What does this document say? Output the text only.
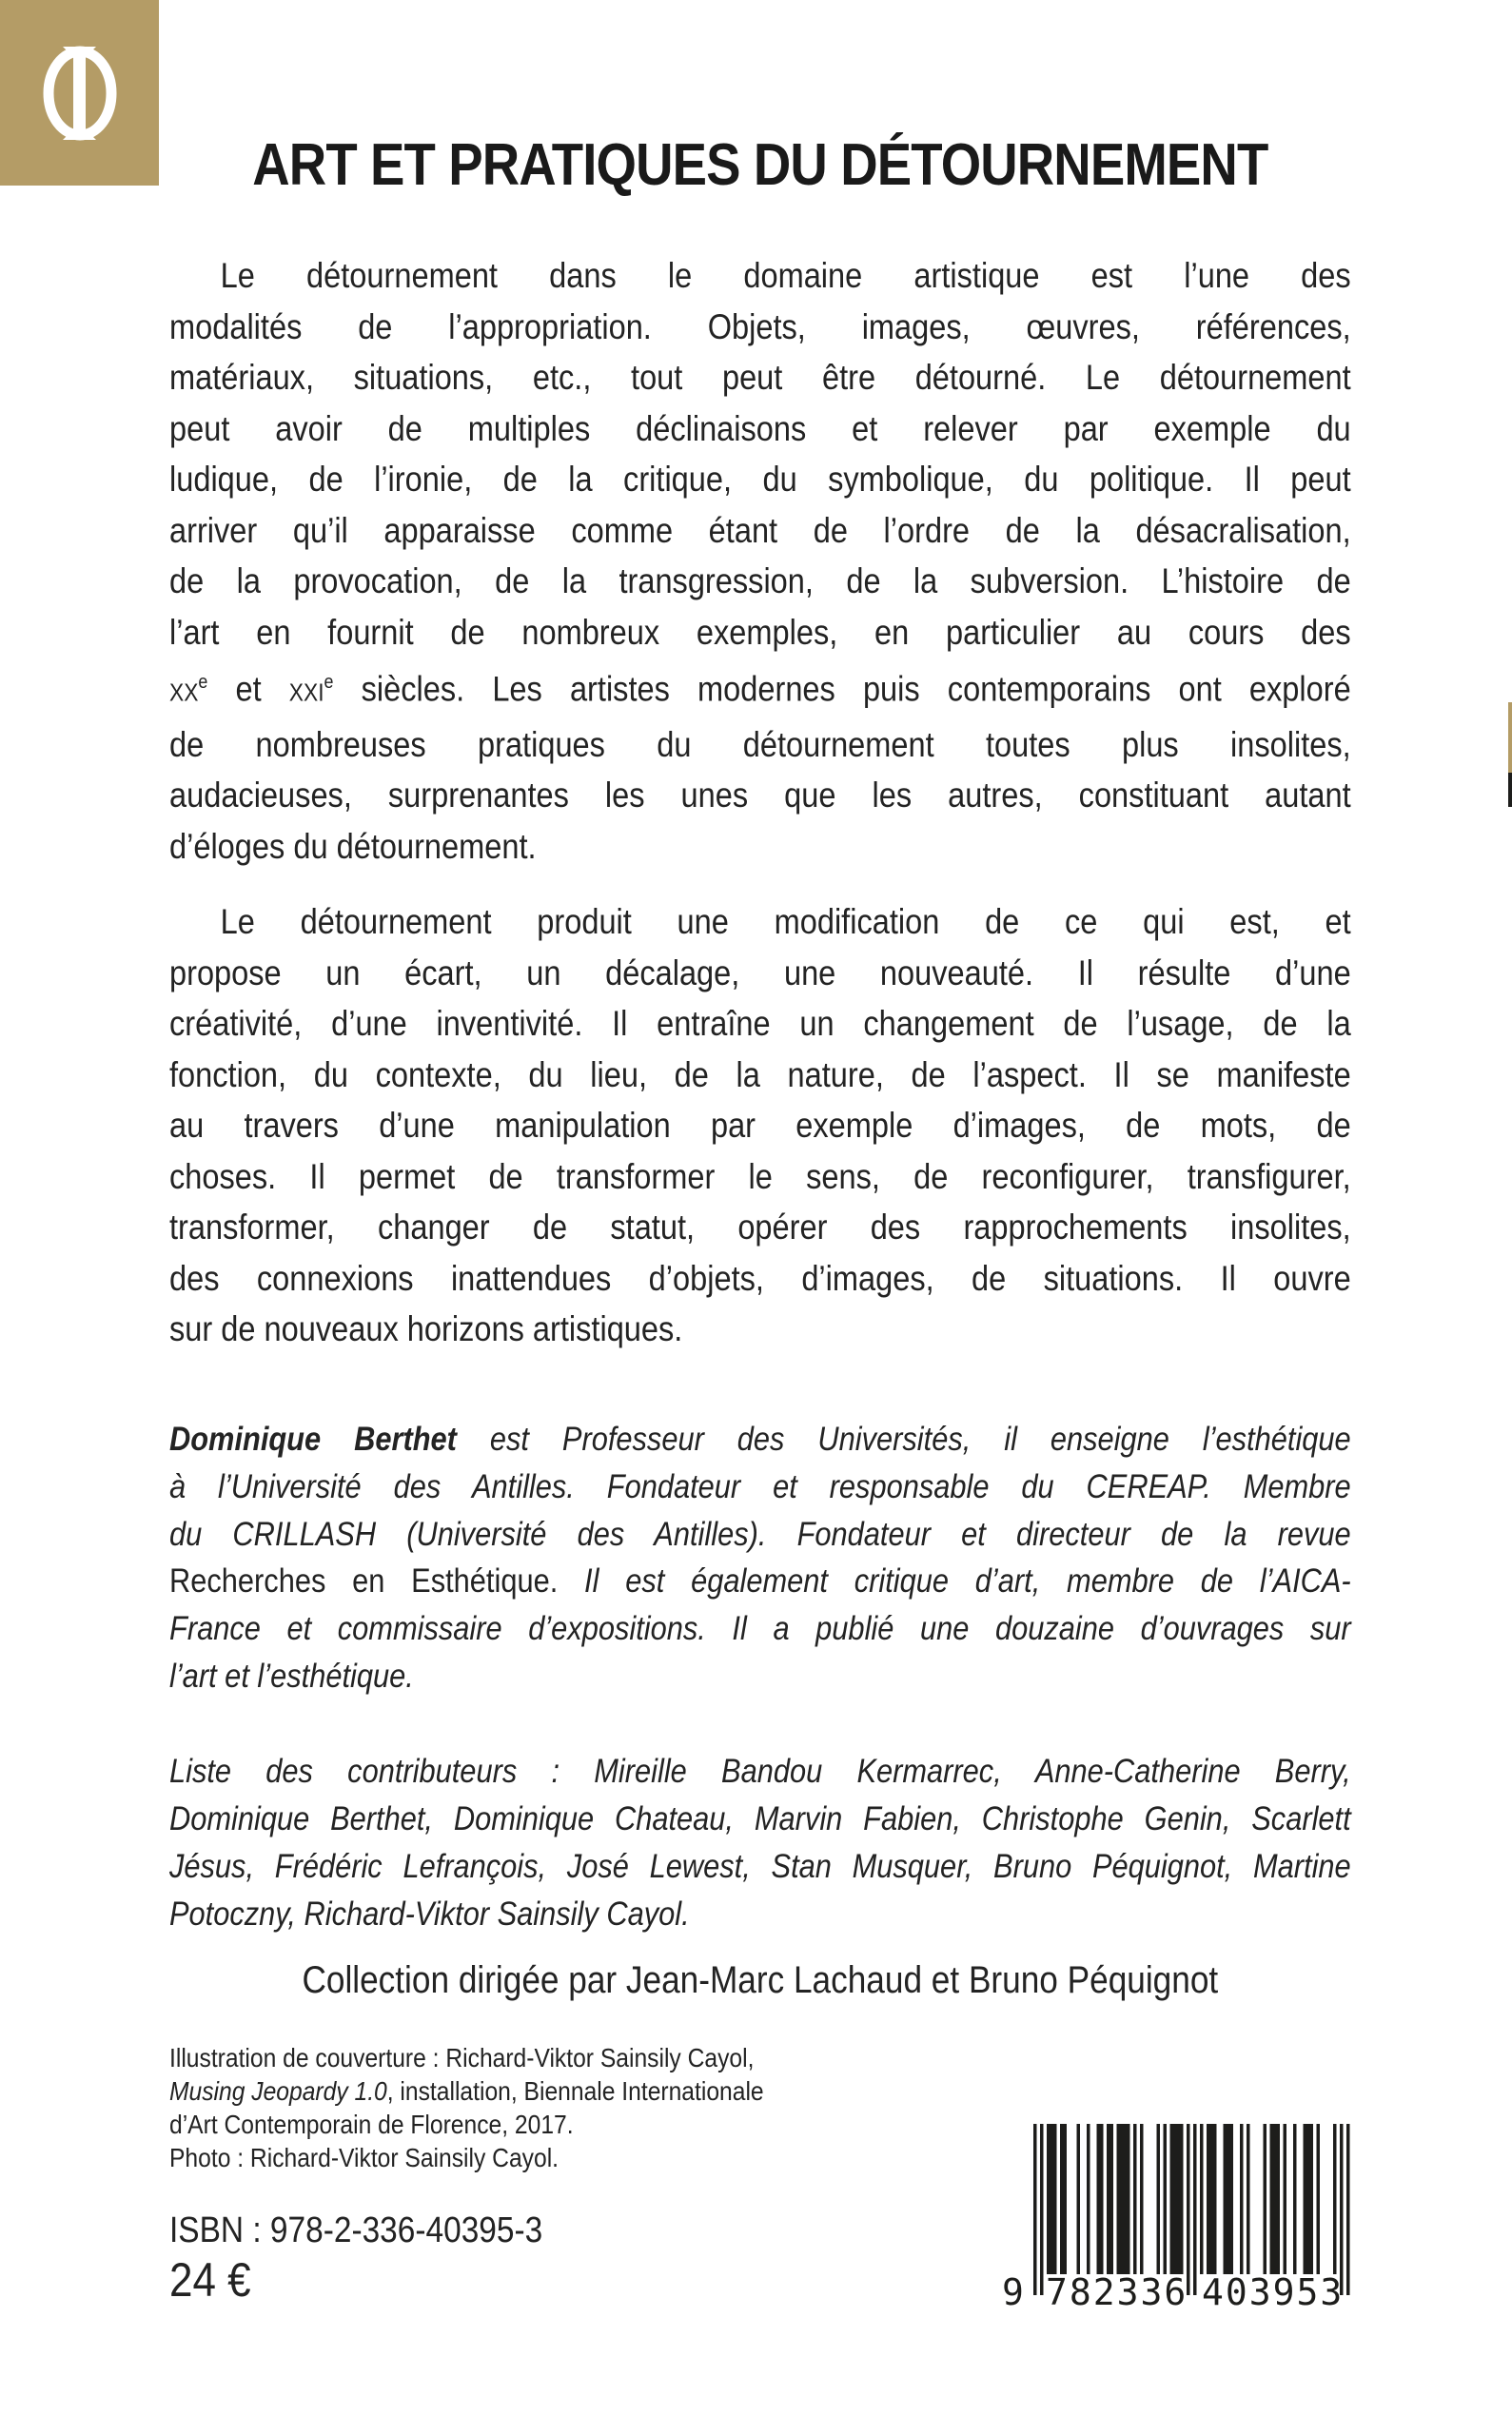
ART ET PRATIQUES DU DÉTOURNEMENT
Le détournement dans le domaine artistique est l’une des
modalités de l’appropriation. Objets, images, œuvres, références,
matériaux, situations, etc., tout peut être détourné. Le détournement
peut avoir de multiples déclinaisons et relever par exemple du
ludique, de l’ironie, de la critique, du symbolique, du politique. Il peut
arriver qu’il apparaisse comme étant de l’ordre de la désacralisation,
de la provocation, de la transgression, de la subversion. L’histoire de
l’art en fournit de nombreux exemples, en particulier au cours des
XXe et XXIe siècles. Les artistes modernes puis contemporains ont exploré
de nombreuses pratiques du détournement toutes plus insolites,
audacieuses, surprenantes les unes que les autres, constituant autant
d’éloges du détournement.
Le détournement produit une modification de ce qui est, et
propose un écart, un décalage, une nouveauté. Il résulte d’une
créativité, d’une inventivité. Il entraîne un changement de l’usage, de la
fonction, du contexte, du lieu, de la nature, de l’aspect. Il se manifeste
au travers d’une manipulation par exemple d’images, de mots, de
choses. Il permet de transformer le sens, de reconfigurer, transfigurer,
transformer, changer de statut, opérer des rapprochements insolites,
des connexions inattendues d’objets, d’images, de situations. Il ouvre
sur de nouveaux horizons artistiques.
Dominique Berthet est Professeur des Universités, il enseigne l’esthétique
à l’Université des Antilles. Fondateur et responsable du CEREAP. Membre
du CRILLASH (Université des Antilles). Fondateur et directeur de la revue
Recherches en Esthétique. Il est également critique d’art, membre de l’AICA-
France et commissaire d’expositions. Il a publié une douzaine d’ouvrages sur
l’art et l’esthétique.
Liste des contributeurs : Mireille Bandou Kermarrec, Anne-Catherine Berry,
Dominique Berthet, Dominique Chateau, Marvin Fabien, Christophe Genin, Scarlett
Jésus, Frédéric Lefrançois, José Lewest, Stan Musquer, Bruno Péquignot, Martine
Potoczny, Richard-Viktor Sainsily Cayol.
Collection dirigée par Jean-Marc Lachaud et Bruno Péquignot
Illustration de couverture : Richard-Viktor Sainsily Cayol,
Musing Jeopardy 1.0, installation, Biennale Internationale
d’Art Contemporain de Florence, 2017.
Photo : Richard-Viktor Sainsily Cayol.
ISBN : 978-2-336-40395-3
24 €	9 782336 403953
